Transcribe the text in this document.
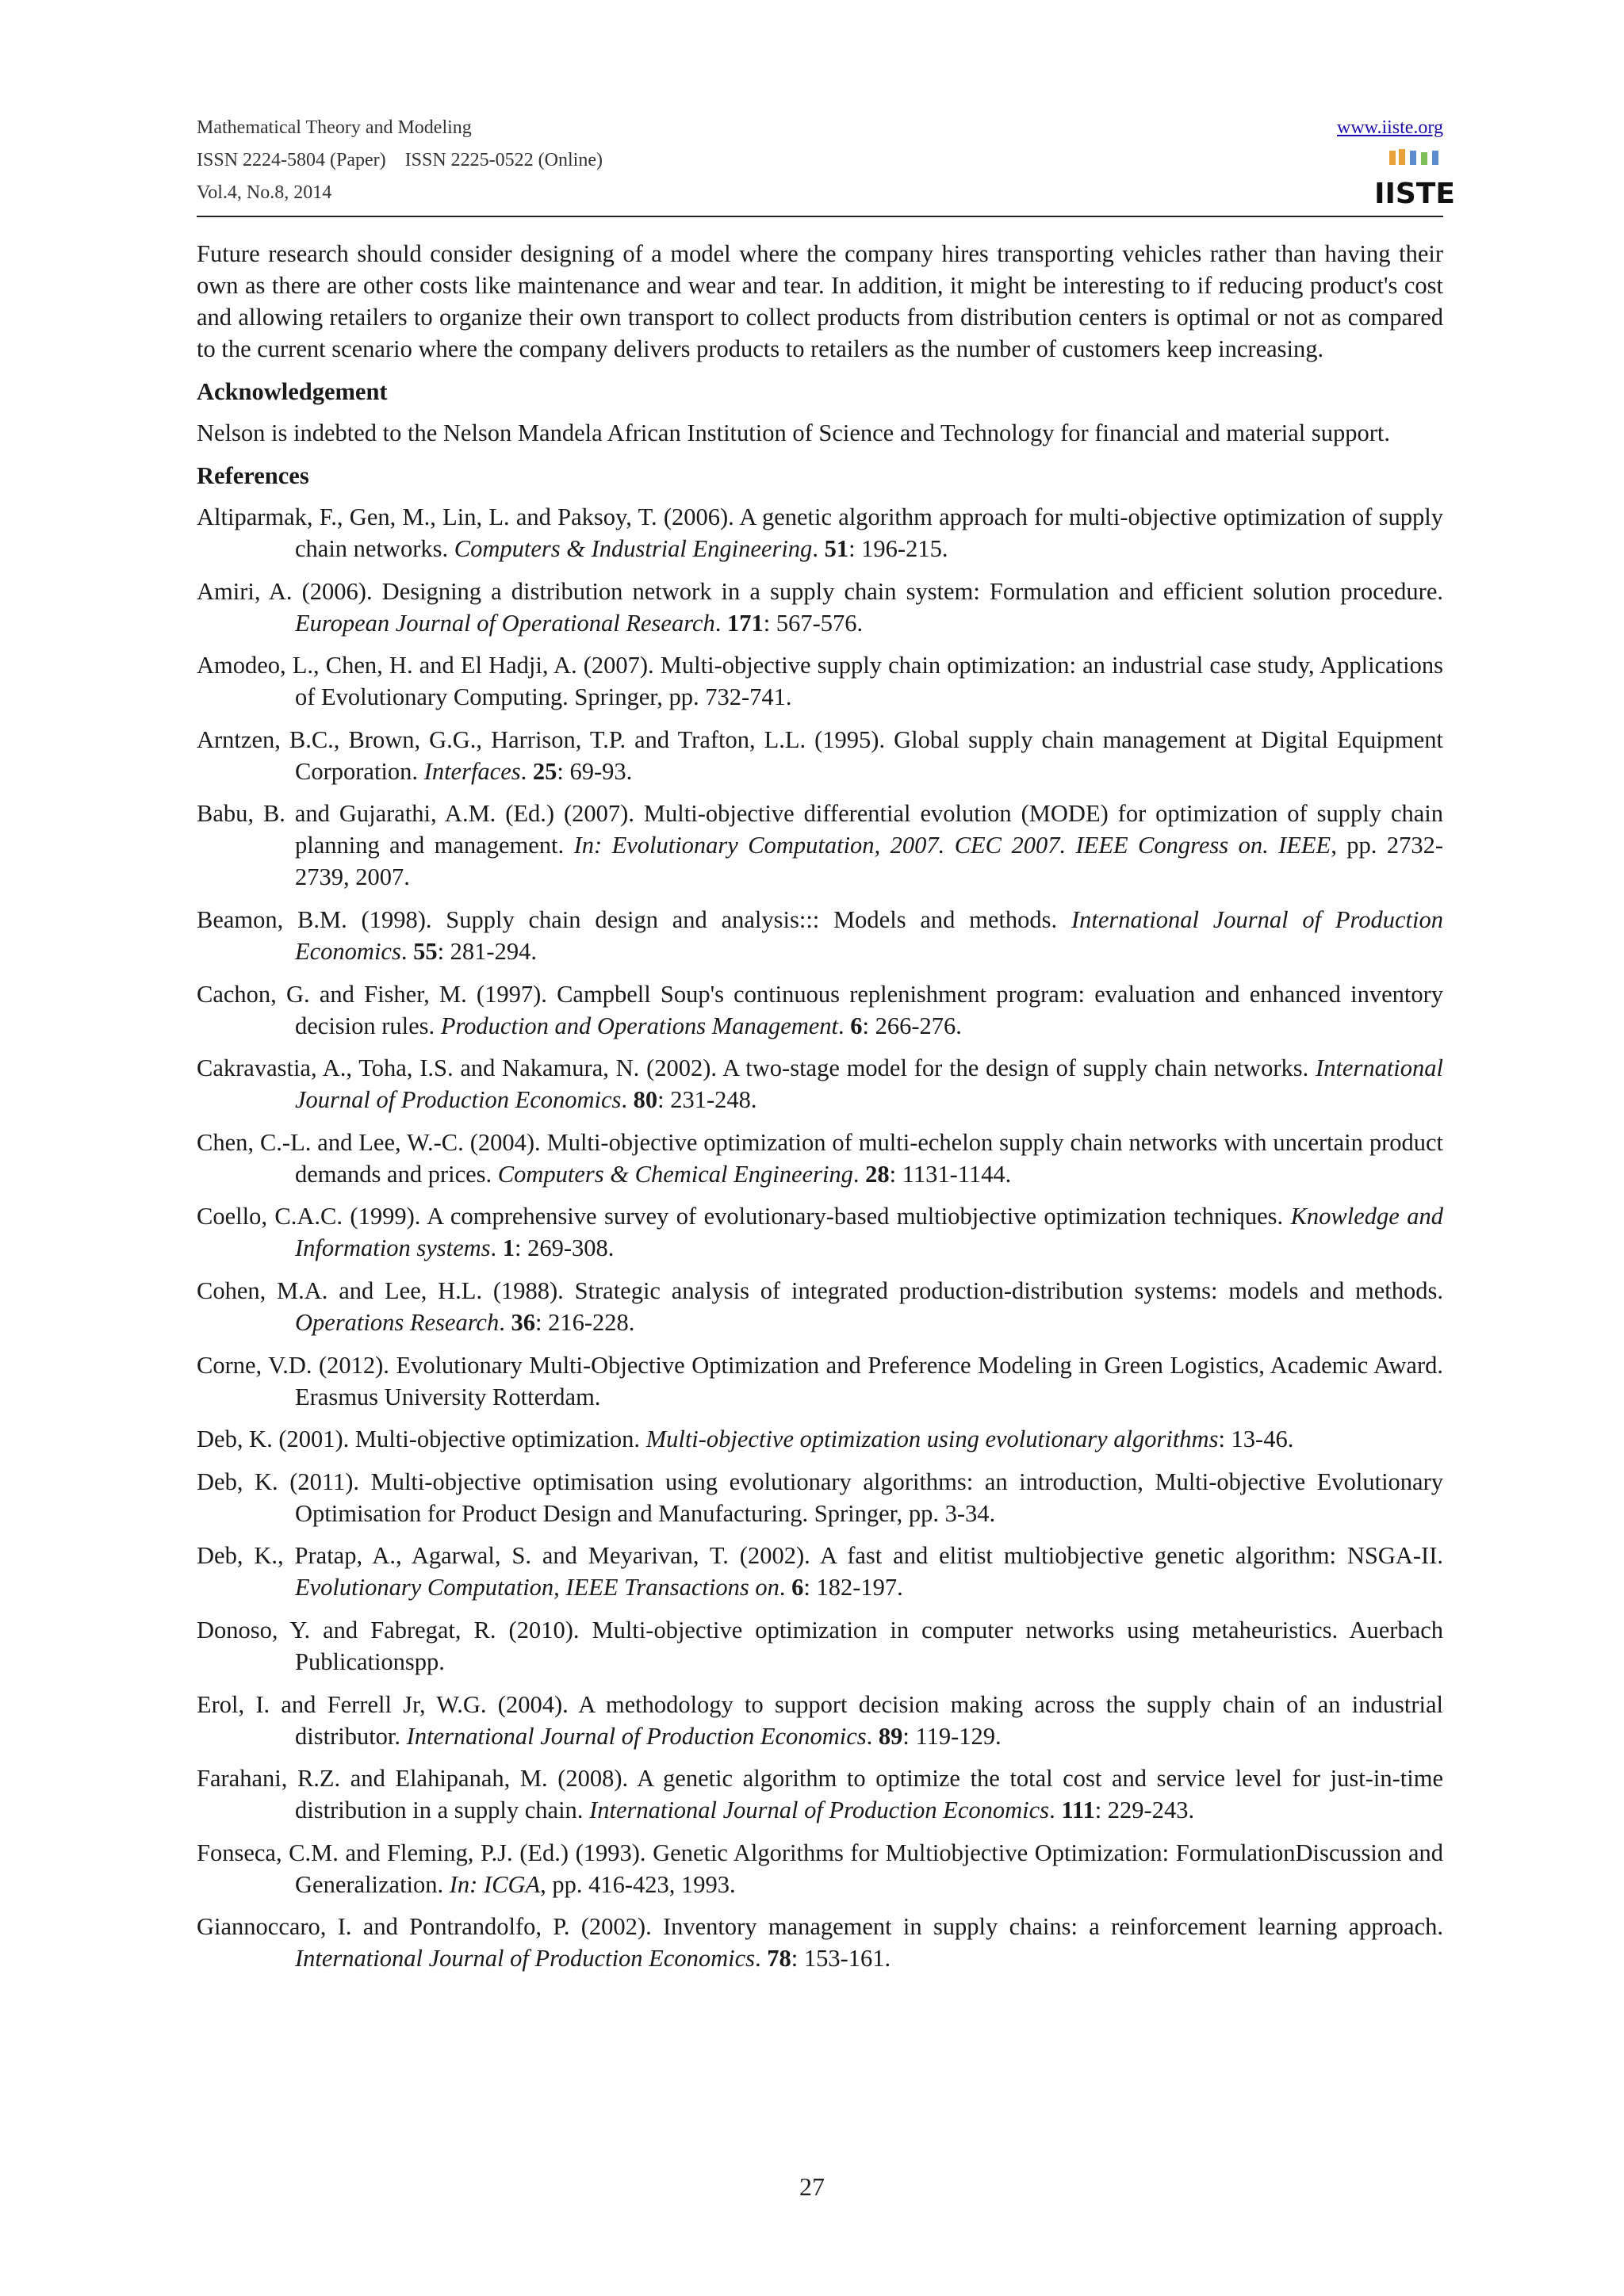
Mathematical Theory and Modeling
ISSN 2224-5804 (Paper)    ISSN 2225-0522 (Online)
Vol.4, No.8, 2014
www.iiste.org
IISTE

Future research should consider designing of a model where the company hires transporting vehicles rather than having their own as there are other costs like maintenance and wear and tear. In addition, it might be interesting to if reducing product's cost and allowing retailers to organize their own transport to collect products from distribution centers is optimal or not as compared to the current scenario where the company delivers products to retailers as the number of customers keep increasing.

Acknowledgement

Nelson is indebted to the Nelson Mandela African Institution of Science and Technology for financial and material support.

References
Altiparmak, F., Gen, M., Lin, L. and Paksoy, T. (2006). A genetic algorithm approach for multi-objective optimization of supply chain networks. Computers & Industrial Engineering. 51: 196-215.
Amiri, A. (2006). Designing a distribution network in a supply chain system: Formulation and efficient solution procedure. European Journal of Operational Research. 171: 567-576.
Amodeo, L., Chen, H. and El Hadji, A. (2007). Multi-objective supply chain optimization: an industrial case study, Applications of Evolutionary Computing. Springer, pp. 732-741.
Arntzen, B.C., Brown, G.G., Harrison, T.P. and Trafton, L.L. (1995). Global supply chain management at Digital Equipment Corporation. Interfaces. 25: 69-93.
Babu, B. and Gujarathi, A.M. (Ed.) (2007). Multi-objective differential evolution (MODE) for optimization of supply chain planning and management. In: Evolutionary Computation, 2007. CEC 2007. IEEE Congress on. IEEE, pp. 2732-2739, 2007.
Beamon, B.M. (1998). Supply chain design and analysis::: Models and methods. International Journal of Production Economics. 55: 281-294.
Cachon, G. and Fisher, M. (1997). Campbell Soup's continuous replenishment program: evaluation and enhanced inventory decision rules. Production and Operations Management. 6: 266-276.
Cakravastia, A., Toha, I.S. and Nakamura, N. (2002). A two-stage model for the design of supply chain networks. International Journal of Production Economics. 80: 231-248.
Chen, C.-L. and Lee, W.-C. (2004). Multi-objective optimization of multi-echelon supply chain networks with uncertain product demands and prices. Computers & Chemical Engineering. 28: 1131-1144.
Coello, C.A.C. (1999). A comprehensive survey of evolutionary-based multiobjective optimization techniques. Knowledge and Information systems. 1: 269-308.
Cohen, M.A. and Lee, H.L. (1988). Strategic analysis of integrated production-distribution systems: models and methods. Operations Research. 36: 216-228.
Corne, V.D. (2012). Evolutionary Multi-Objective Optimization and Preference Modeling in Green Logistics, Academic Award. Erasmus University Rotterdam.
Deb, K. (2001). Multi-objective optimization. Multi-objective optimization using evolutionary algorithms: 13-46.
Deb, K. (2011). Multi-objective optimisation using evolutionary algorithms: an introduction, Multi-objective Evolutionary Optimisation for Product Design and Manufacturing. Springer, pp. 3-34.
Deb, K., Pratap, A., Agarwal, S. and Meyarivan, T. (2002). A fast and elitist multiobjective genetic algorithm: NSGA-II. Evolutionary Computation, IEEE Transactions on. 6: 182-197.
Donoso, Y. and Fabregat, R. (2010). Multi-objective optimization in computer networks using metaheuristics. Auerbach Publicationspp.
Erol, I. and Ferrell Jr, W.G. (2004). A methodology to support decision making across the supply chain of an industrial distributor. International Journal of Production Economics. 89: 119-129.
Farahani, R.Z. and Elahipanah, M. (2008). A genetic algorithm to optimize the total cost and service level for just-in-time distribution in a supply chain. International Journal of Production Economics. 111: 229-243.
Fonseca, C.M. and Fleming, P.J. (Ed.) (1993). Genetic Algorithms for Multiobjective Optimization: FormulationDiscussion and Generalization. In: ICGA, pp. 416-423, 1993.
Giannoccaro, I. and Pontrandolfo, P. (2002). Inventory management in supply chains: a reinforcement learning approach. International Journal of Production Economics. 78: 153-161.
27
